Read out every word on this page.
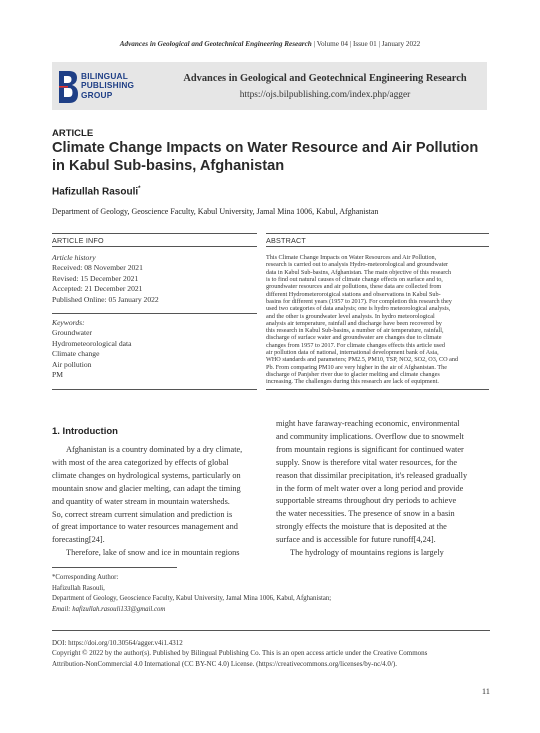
Advances in Geological and Geotechnical Engineering Research | Volume 04 | Issue 01 | January 2022
BILINGUAL
PUBLISHING
GROUP
Advances in Geological and Geotechnical Engineering Research
https://ojs.bilpublishing.com/index.php/agger
ARTICLE
Climate Change Impacts on Water Resource and Air Pollution in Kabul Sub-basins, Afghanistan
Hafizullah Rasouli*
Department of Geology, Geoscience Faculty, Kabul University, Jamal Mina 1006, Kabul, Afghanistan
ARTICLE INFO	ABSTRACT
Article history
Received: 08 November 2021
Revised: 15 December 2021
Accepted: 21 December 2021
Published Online: 05 January 2022
Keywords:
Groundwater
Hydrometeorological data
Climate change
Air pollution
PM
This Climate Change Impacts on Water Resources and Air Pollution,
research is carried out to analysis Hydro-meteorological and groundwater
data in Kabul Sub-basins, Afghanistan. The main objective of this research
is to find out natural causes of climate change effects on surface and to,
groundwater resources and air pollutions, these data are collected from
different Hydrometeroroigical stations and observations in Kabul Sub-
basins for different years (1957 to 2017). For completion this research they
used two categories of data analysis; one is hydro meteorological analysis,
and the other is groundwater level analysis. In hydro meteorological
analysis air temperature, rainfall and discharge have been recovered by
this research in Kabul Sub-basins, a number of air temperature, rainfall,
discharge of surface water and groundwater are changes due to climate
changes from 1957 to 2017. For climate changes effects this article used
air pollution data of national, international development bank of Asia,
WHO standards and parameters; PM2.5, PM10, TSP, NO2, SO2, O3, CO and
Pb. From comparing PM10 are very higher in the air of Afghanistan. The
discharge of Panjsher river due to glacier melting and climate changes
increasing. The challenges during this research are lack of equipment.
1. Introduction
Afghanistan is a country dominated by a dry climate,
with most of the area categorized by effects of global
climate changes on hydrological systems, particularly on
mountain snow and glacier melting, can adapt the timing
and quantity of water stream in mountain watersheds.
So, correct stream current simulation and prediction is
of great importance to water resources management and
forecasting[24].
Therefore, lake of snow and ice in mountain regions
might have faraway-reaching economic, environmental
and community implications. Overflow due to snowmelt
from mountain regions is significant for continued water
supply. Snow is therefore vital water resources, for the
reason that dissimilar precipitation, it's released gradually
in the form of melt water over a long period and provide
supportable streams throughout dry periods to achieve
the water necessities. The presence of snow in a basin
strongly effects the moisture that is deposited at the
surface and is accessible for future runoff[4,24].
The hydrology of mountains regions is largely
*Corresponding Author:
Hafizullah Rasouli,
Department of Geology, Geoscience Faculty, Kabul University, Jamal Mina 1006, Kabul, Afghanistan;
Email: hafizullah.rasouli133@gmail.com
DOI: https://doi.org/10.30564/agger.v4i1.4312
Copyright © 2022 by the author(s). Published by Bilingual Publishing Co. This is an open access article under the Creative Commons
Attribution-NonCommercial 4.0 International (CC BY-NC 4.0) License. (https://creativecommons.org/licenses/by-nc/4.0/).
11
